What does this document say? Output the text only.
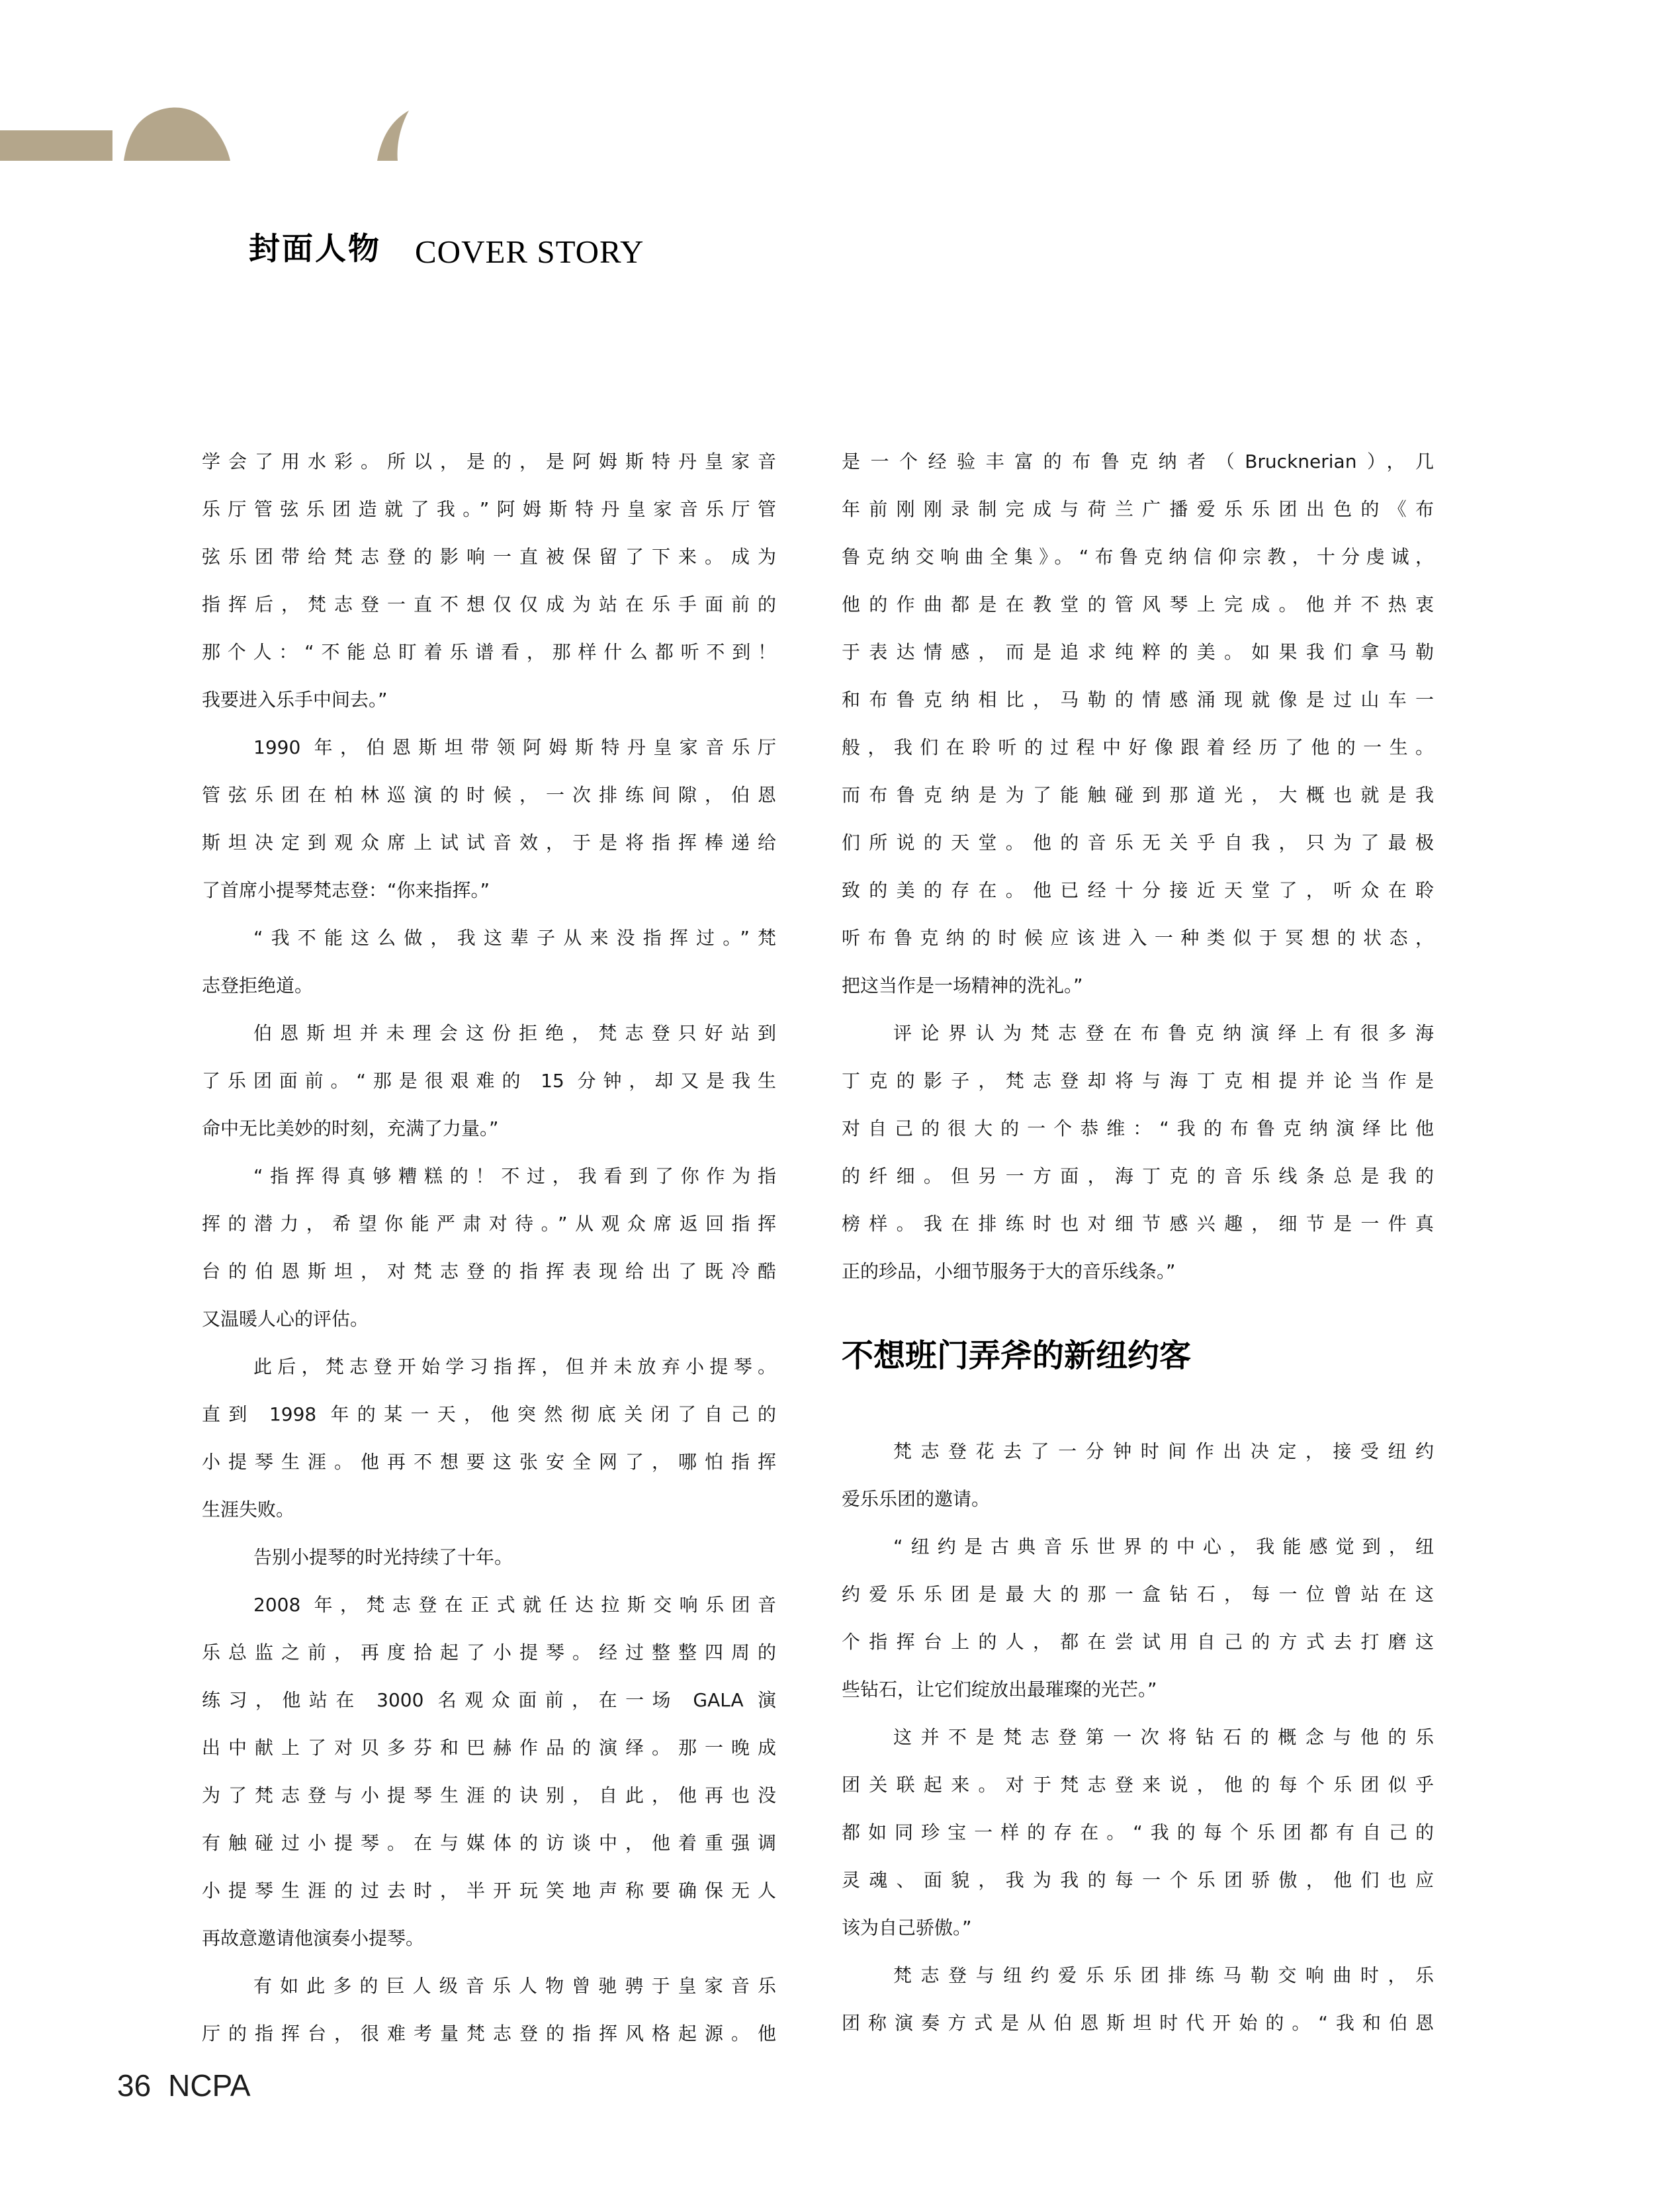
封面人物 COVER STORY
学会了用水彩。所以，是的，是阿姆斯特丹皇家音
乐厅管弦乐团造就了我。”阿姆斯特丹皇家音乐厅管
弦乐团带给梵志登的影响一直被保留了下来。成为
指挥后，梵志登一直不想仅仅成为站在乐手面前的
那个人：“不能总盯着乐谱看，那样什么都听不到！
我要进入乐手中间去。”
1990 年，伯恩斯坦带领阿姆斯特丹皇家音乐厅
管弦乐团在柏林巡演的时候，一次排练间隙，伯恩
斯坦决定到观众席上试试音效，于是将指挥棒递给
了首席小提琴梵志登：“你来指挥。”
“我不能这么做，我这辈子从来没指挥过。”梵
志登拒绝道。
伯恩斯坦并未理会这份拒绝，梵志登只好站到
了乐团面前。“那是很艰难的 15 分钟，却又是我生
命中无比美妙的时刻，充满了力量。”
“指挥得真够糟糕的！不过，我看到了你作为指
挥的潜力，希望你能严肃对待。”从观众席返回指挥
台的伯恩斯坦，对梵志登的指挥表现给出了既冷酷
又温暖人心的评估。
此后，梵志登开始学习指挥，但并未放弃小提琴。
直到 1998 年的某一天，他突然彻底关闭了自己的
小提琴生涯。他再不想要这张安全网了，哪怕指挥
生涯失败。
告别小提琴的时光持续了十年。
2008 年，梵志登在正式就任达拉斯交响乐团音
乐总监之前，再度拾起了小提琴。经过整整四周的
练习，他站在 3000 名观众面前，在一场 GALA 演
出中献上了对贝多芬和巴赫作品的演绎。那一晚成
为了梵志登与小提琴生涯的诀别，自此，他再也没
有触碰过小提琴。在与媒体的访谈中，他着重强调
小提琴生涯的过去时，半开玩笑地声称要确保无人
再故意邀请他演奏小提琴。
有如此多的巨人级音乐人物曾驰骋于皇家音乐
厅的指挥台，很难考量梵志登的指挥风格起源。他
是一个经验丰富的布鲁克纳者（Brucknerian），几
年前刚刚录制完成与荷兰广播爱乐乐团出色的《布
鲁克纳交响曲全集》。“布鲁克纳信仰宗教，十分虔诚，
他的作曲都是在教堂的管风琴上完成。他并不热衷
于表达情感，而是追求纯粹的美。如果我们拿马勒
和布鲁克纳相比，马勒的情感涌现就像是过山车一
般，我们在聆听的过程中好像跟着经历了他的一生。
而布鲁克纳是为了能触碰到那道光，大概也就是我
们所说的天堂。他的音乐无关乎自我，只为了最极
致的美的存在。他已经十分接近天堂了，听众在聆
听布鲁克纳的时候应该进入一种类似于冥想的状态，
把这当作是一场精神的洗礼。”
评论界认为梵志登在布鲁克纳演绎上有很多海
丁克的影子，梵志登却将与海丁克相提并论当作是
对自己的很大的一个恭维：“我的布鲁克纳演绎比他
的纤细。但另一方面，海丁克的音乐线条总是我的
榜样。我在排练时也对细节感兴趣，细节是一件真
正的珍品，小细节服务于大的音乐线条。”
不想班门弄斧的新纽约客
梵志登花去了一分钟时间作出决定，接受纽约
爱乐乐团的邀请。
“纽约是古典音乐世界的中心，我能感觉到，纽
约爱乐乐团是最大的那一盒钻石，每一位曾站在这
个指挥台上的人，都在尝试用自己的方式去打磨这
些钻石，让它们绽放出最璀璨的光芒。”
这并不是梵志登第一次将钻石的概念与他的乐
团关联起来。对于梵志登来说，他的每个乐团似乎
都如同珍宝一样的存在。“我的每个乐团都有自己的
灵魂、面貌，我为我的每一个乐团骄傲，他们也应
该为自己骄傲。”
梵志登与纽约爱乐乐团排练马勒交响曲时，乐
团称演奏方式是从伯恩斯坦时代开始的。“我和伯恩
36 NCPA
